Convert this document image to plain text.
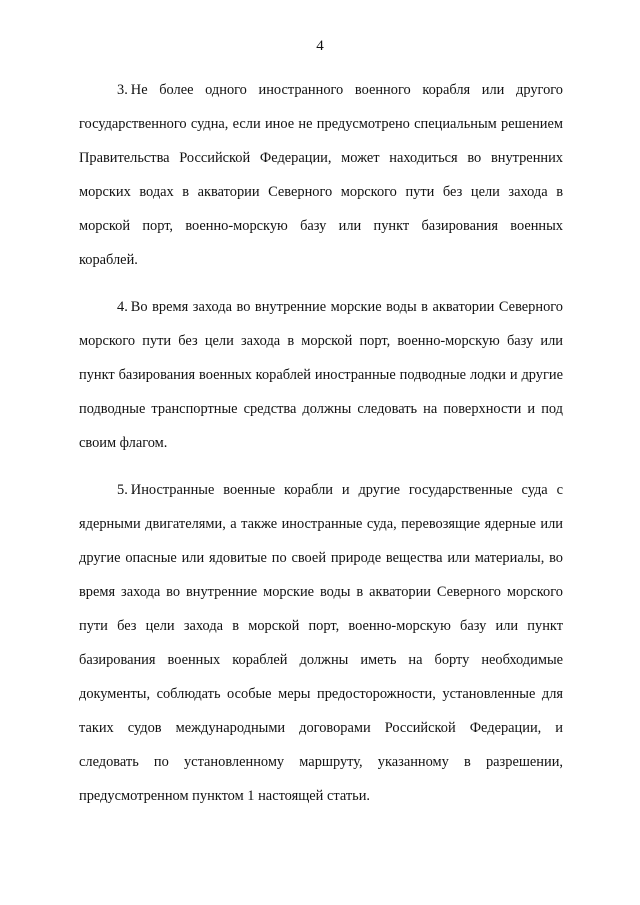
4

3. Не более одного иностранного военного корабля или другого государственного судна, если иное не предусмотрено специальным решением Правительства Российской Федерации, может находиться во внутренних морских водах в акватории Северного морского пути без цели захода в морской порт, военно-морскую базу или пункт базирования военных кораблей.

4. Во время захода во внутренние морские воды в акватории Северного морского пути без цели захода в морской порт, военно-морскую базу или пункт базирования военных кораблей иностранные подводные лодки и другие подводные транспортные средства должны следовать на поверхности и под своим флагом.

5. Иностранные военные корабли и другие государственные суда с ядерными двигателями, а также иностранные суда, перевозящие ядерные или другие опасные или ядовитые по своей природе вещества или материалы, во время захода во внутренние морские воды в акватории Северного морского пути без цели захода в морской порт, военно-морскую базу или пункт базирования военных кораблей должны иметь на борту необходимые документы, соблюдать особые меры предосторожности, установленные для таких судов международными договорами Российской Федерации, и следовать по установленному маршруту, указанному в разрешении, предусмотренном пунктом 1 настоящей статьи.
